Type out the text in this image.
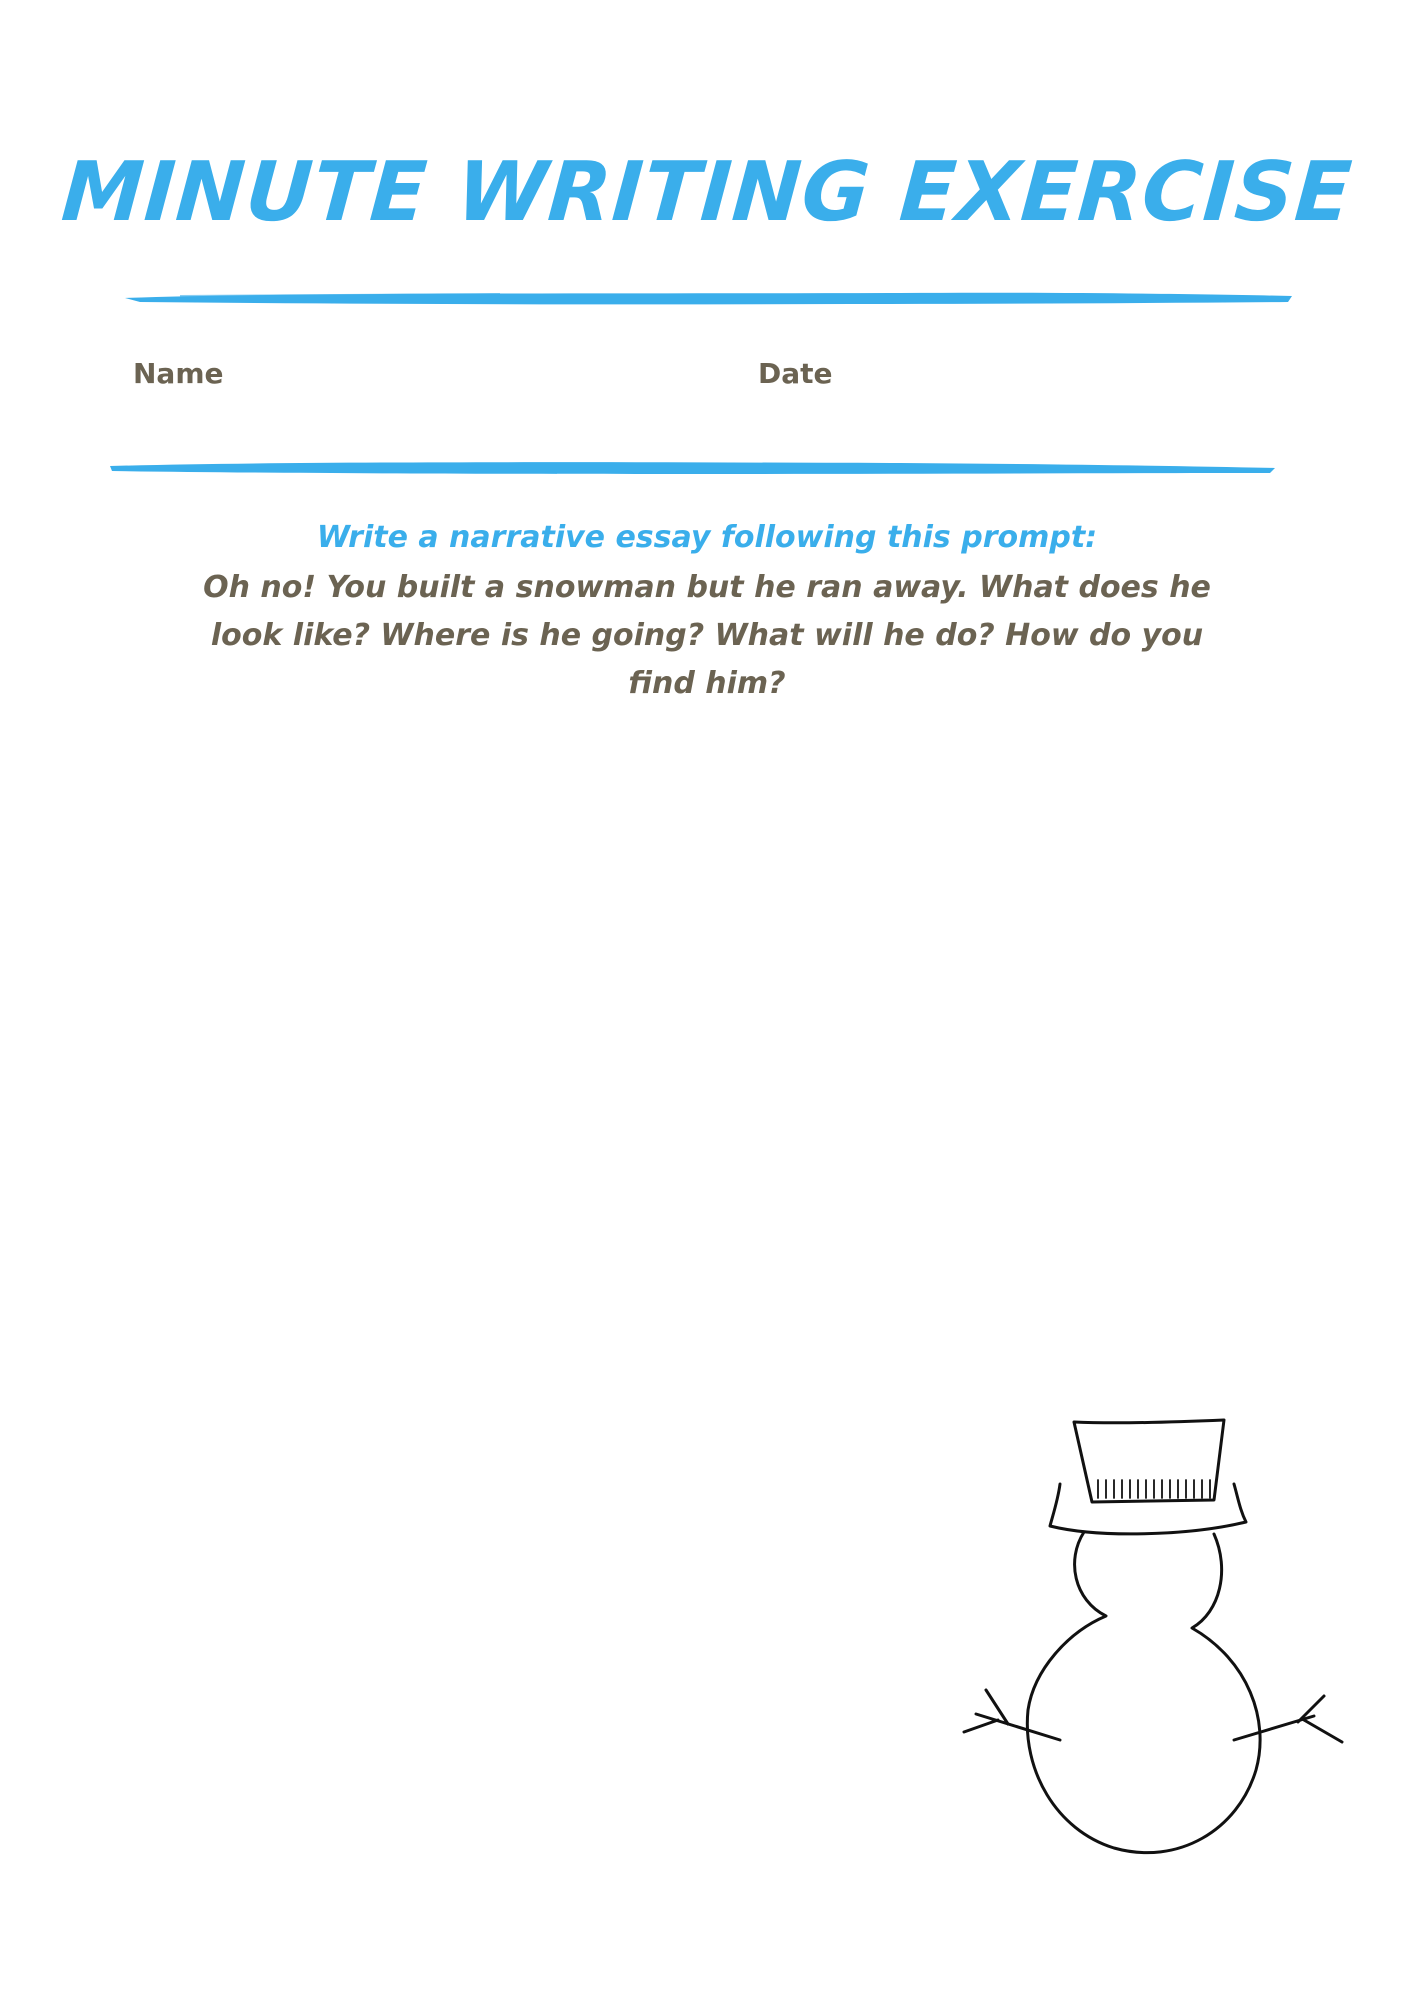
MINUTE WRITING EXERCISE
Name	Date
Write a narrative essay following this prompt:
Oh no! You built a snowman but he ran away. What does he look like? Where is he going? What will he do? How do you find him?
